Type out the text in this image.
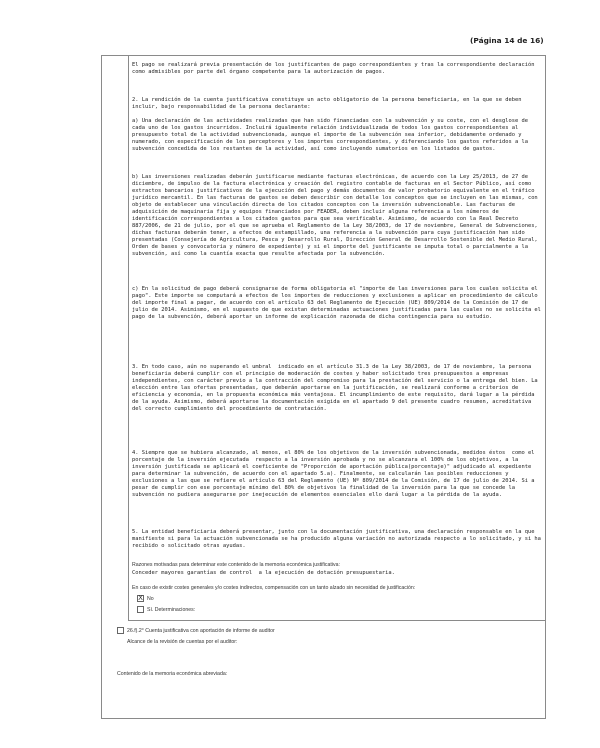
(Página 14 de 16)

El pago se realizará previa presentación de los justificantes de pago correspondientes y tras la correspondiente declaración como admisibles por parte del órgano competente para la autorización de pagos.

2. La rendición de la cuenta justificativa constituye un acto obligatorio de la persona beneficiaria, en la que se deben incluir, bajo responsabilidad de la persona declarante:

a) Una declaración de las actividades realizadas que han sido financiadas con la subvención y su coste, con el desglose de cada uno de los gastos incurridos. Incluirá igualmente relación individualizada de todos los gastos correspondientes al presupuesto total de la actividad subvencionada, aunque el importe de la subvención sea inferior, debidamente ordenado y numerado, con especificación de los perceptores y los importes correspondientes, y diferenciando los gastos referidos a la subvención concedida de los restantes de la actividad, así como incluyendo sumatorios en los listados de gastos.

b) Las inversiones realizadas deberán justificarse mediante facturas electrónicas, de acuerdo con la Ley 25/2013, de 27 de diciembre, de impulso de la factura electrónica y creación del registro contable de facturas en el Sector Público, así como extractos bancarios justificativos de la ejecución del pago y demás documentos de valor probatorio equivalente en el tráfico jurídico mercantil. En las facturas de gastos se deben describir con detalle los conceptos que se incluyen en las mismas, con objeto de establecer una vinculación directa de los citados conceptos con la inversión subvencionable. Las facturas de adquisición de maquinaria fija y equipos financiados por FEADER, deben incluir alguna referencia a los números de identificación correspondientes a los citados gastos para que sea verificable. Asimismo, de acuerdo con la Real Decreto 887/2006, de 21 de julio, por el que se aprueba el Reglamento de la Ley 38/2003, de 17 de noviembre, General de Subvenciones, dichas facturas deberán tener, a efectos de estampillado, una referencia a la subvención para cuya justificación han sido presentadas (Consejería de Agricultura, Pesca y Desarrollo Rural, Dirección General de Desarrollo Sostenible del Medio Rural, Orden de bases y convocatoria y número de expediente) y si el importe del justificante se imputa total o parcialmente a la subvención, así como la cuantía exacta que resulte afectada por la subvención.

c) En la solicitud de pago deberá consignarse de forma obligatoria el "importe de las inversiones para los cuales solicita el pago". Este importe se computará a efectos de los importes de reducciones y exclusiones a aplicar en procedimiento de cálculo del importe final a pagar, de acuerdo con el artículo 63 del Reglamento de Ejecución (UE) 809/2014 de la Comisión de 17 de julio de 2014. Asimismo, en el supuesto de que existan determinadas actuaciones justificadas para las cuales no se solicita el pago de la subvención, deberá aportar un informe de explicación razonada de dicha contingencia para su estudio.

3. En todo caso, aún no superando el umbral  indicado en el artículo 31.3 de la Ley 38/2003, de 17 de noviembre, la persona beneficiaria deberá cumplir con el principio de moderación de costes y haber solicitado tres presupuestos a empresas independientes, con carácter previo a la contracción del compromiso para la prestación del servicio o la entrega del bien. La elección entre las ofertas presentadas, que deberán aportarse en la justificación, se realizará conforme a criterios de eficiencia y economía, en la propuesta económica más ventajosa. El incumplimiento de este requisito, dará lugar a la pérdida de la ayuda. Asimismo, deberá aportarse la documentación exigida en el apartado 9 del presente cuadro resumen, acreditativa del correcto cumplimiento del procedimiento de contratación.

4. Siempre que se hubiera alcanzado, al menos, el 80% de los objetivos de la inversión subvencionada, medidos éstos  como el porcentaje de la inversión ejecutada  respecto a la inversión aprobada y no se alcanzara el 100% de los objetivos, a la inversión justificada se aplicará el coeficiente de "Proporción de aportación pública(porcentaje)" adjudicado al expediente para determinar la subvención, de acuerdo con el apartado 5.a). Finalmente, se calcularán las posibles reducciones y exclusiones a las que se refiere el artículo 63 del Reglamento (UE) Nº 809/2014 de la Comisión, de 17 de julio de 2014. Si a pesar de cumplir con ese porcentaje mínimo del 80% de objetivos la finalidad de la inversión para la que se concede la subvención no pudiera asegurarse por inejecución de elementos esenciales ello dará lugar a la pérdida de la ayuda.

5. La entidad beneficiaria deberá presentar, junto con la documentación justificativa, una declaración responsable en la que manifieste si para la actuación subvencionada se ha producido alguna variación no autorizada respecto a lo solicitado, y si ha recibido o solicitado otras ayudas.

Razones motivadas para determinar este contenido de la memoria económica justificativa:
Conceder mayores garantías de control  a la ejecución de dotación presupuestaria.
En caso de existir costes generales y/o costes indirectos, compensación con un tanto alzado sin necesidad de justificación:
X No
Sí. Determinaciones:
26.f).2° Cuenta justificativa con aportación de informe de auditor
Alcance de la revisión de cuentas por el auditor:
Contenido de la memoria económica abreviada:
